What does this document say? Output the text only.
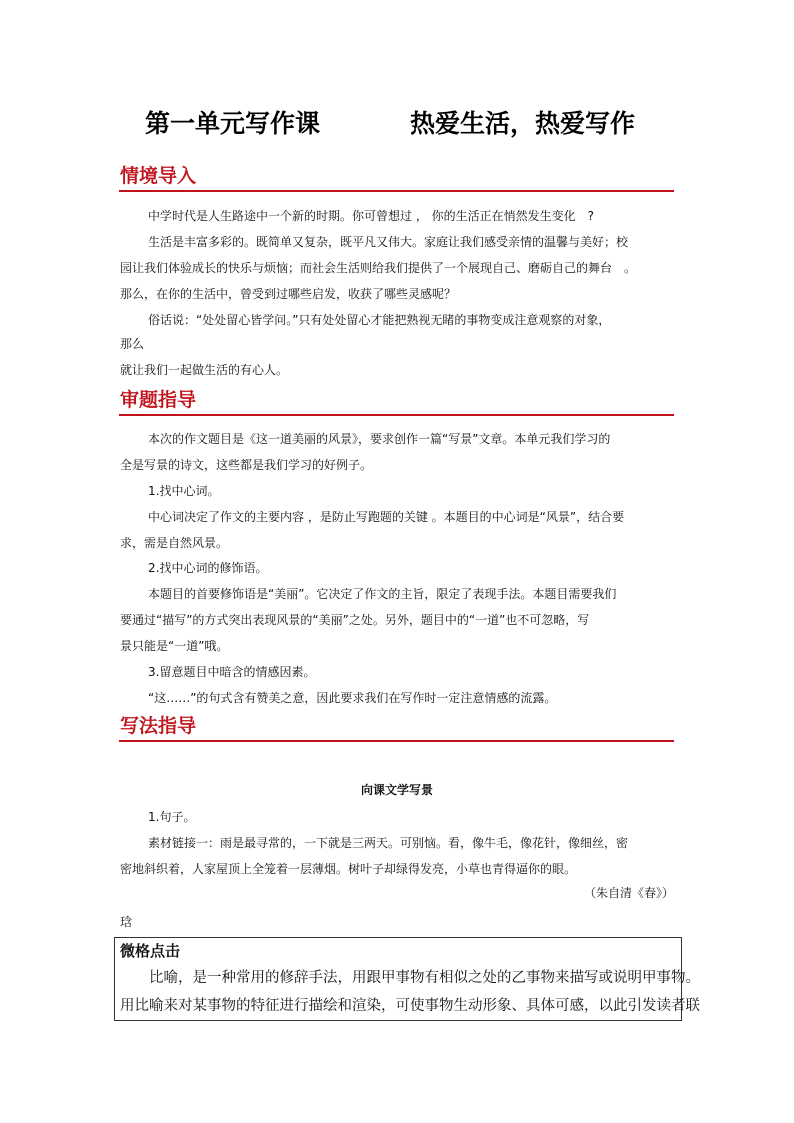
第一单元写作课	热爱生活，热爱写作
情境导入
中学时代是人生路途中一个新的时期。你可曾想过 ， 你的生活正在悄然发生变化　?
生活是丰富多彩的。既简单又复杂，既平凡又伟大。家庭让我们感受亲情的温馨与美好；校
园让我们体验成长的快乐与烦恼；而社会生活则给我们提供了一个展现自己、磨砺自己的舞台　。
那么，在你的生活中，曾受到过哪些启发，收获了哪些灵感呢？
俗话说：“处处留心皆学问。”只有处处留心才能把熟视无睹的事物变成注意观察的对象，
那么
就让我们一起做生活的有心人。
审题指导
本次的作文题目是《这一道美丽的风景》，要求创作一篇“写景”文章。本单元我们学习的
全是写景的诗文，这些都是我们学习的好例子。
1.找中心词。
中心词决定了作文的主要内容 ，是防止写跑题的关键 。本题目的中心词是“风景”，结合要
求，需是自然风景。
2.找中心词的修饰语。
本题目的首要修饰语是“美丽”。它决定了作文的主旨，限定了表现手法。本题目需要我们
要通过“描写”的方式突出表现风景的“美丽”之处。另外，题目中的“一道”也不可忽略，写
景只能是“一道”哦。
3.留意题目中暗含的情感因素。
“这……”的句式含有赞美之意，因此要求我们在写作时一定注意情感的流露。
写法指导
向课文学写景
1.句子。
素材链接一：雨是最寻常的，一下就是三两天。可别恼。看，像牛毛，像花针，像细丝，密
密地斜织着，人家屋顶上全笼着一层薄烟。树叶子却绿得发亮，小草也青得逼你的眼。
（朱自清《春》）
琀
微格点击
比喻，是一种常用的修辞手法，用跟甲事物有相似之处的乙事物来描写或说明甲事物。
用比喻来对某事物的特征进行描绘和渲染，可使事物生动形象、具体可感，以此引发读者联
